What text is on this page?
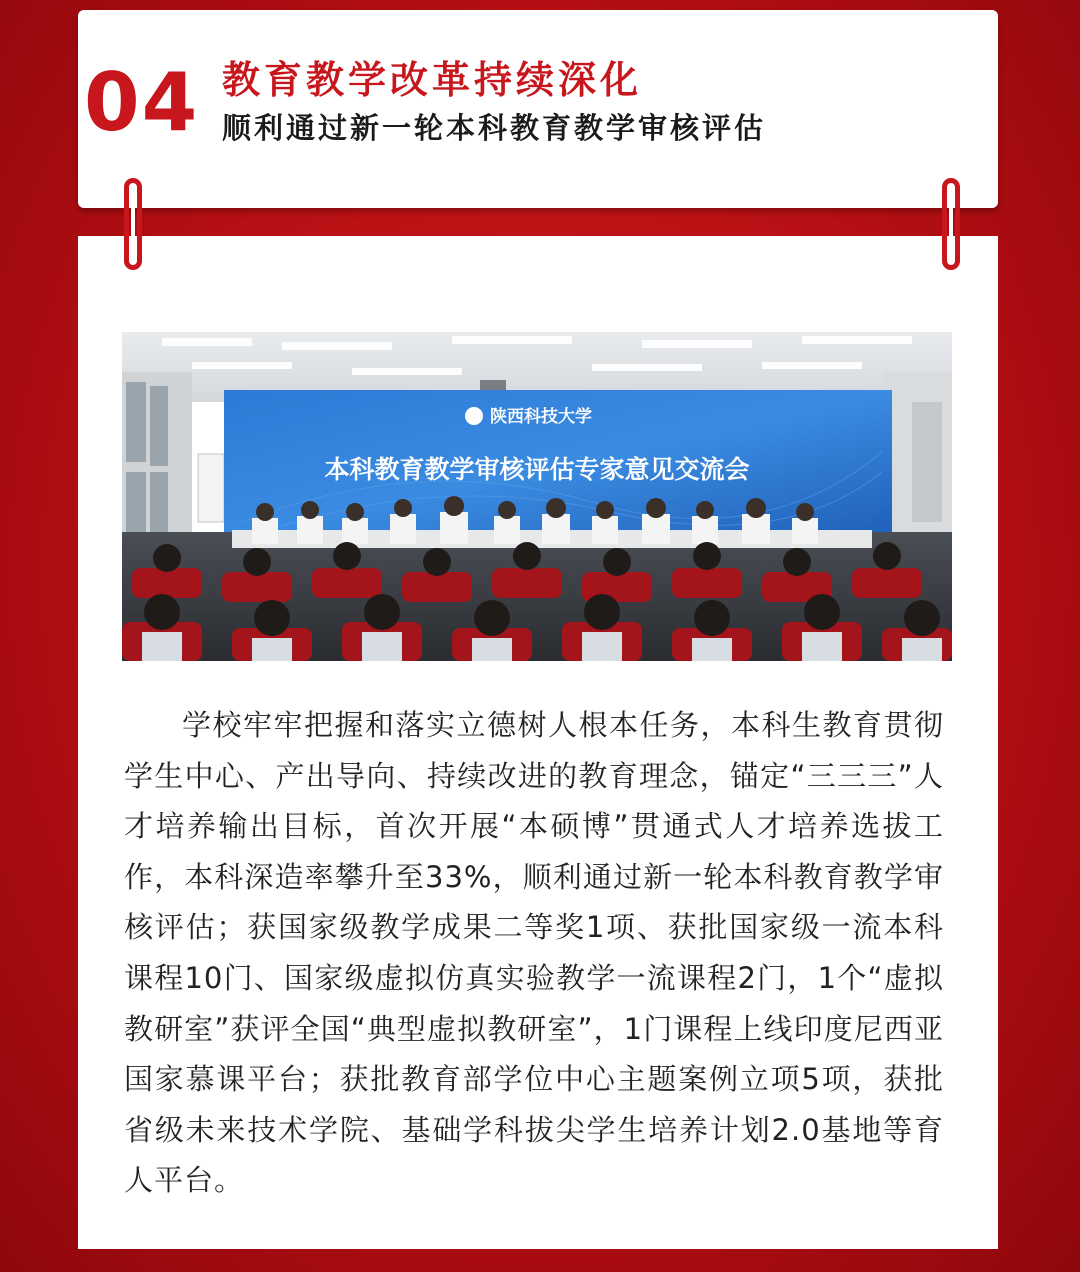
04 教育教学改革持续深化
顺利通过新一轮本科教育教学审核评估
陕西科技大学
本科教育教学审核评估专家意见交流会

学校牢牢把握和落实立德树人根本任务，本科生教育贯彻学生中心、产出导向、持续改进的教育理念，锚定“三三三”人才培养输出目标，首次开展“本硕博”贯通式人才培养选拔工作，本科深造率攀升至33%，顺利通过新一轮本科教育教学审核评估；获国家级教学成果二等奖1项、获批国家级一流本科课程10门、国家级虚拟仿真实验教学一流课程2门，1个“虚拟教研室”获评全国“典型虚拟教研室”，1门课程上线印度尼西亚国家慕课平台；获批教育部学位中心主题案例立项5项，获批省级未来技术学院、基础学科拔尖学生培养计划2.0基地等育人平台。
